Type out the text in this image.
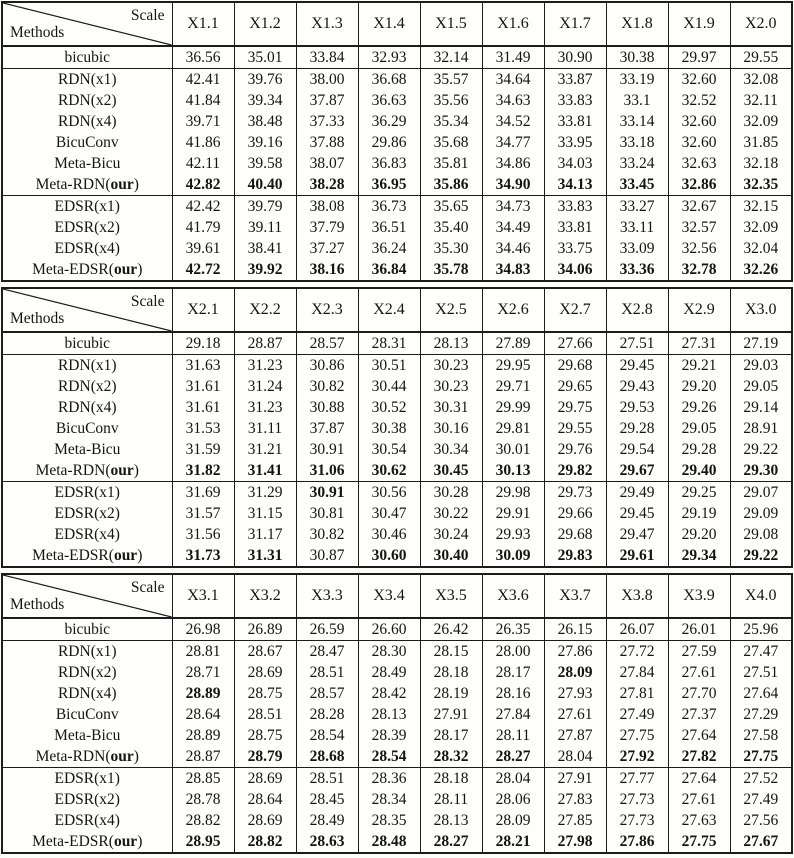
Scale
Methods	X1.1	X1.2	X1.3	X1.4	X1.5	X1.6	X1.7	X1.8	X1.9	X2.0
bicubic	36.56	35.01	33.84	32.93	32.14	31.49	30.90	30.38	29.97	29.55
RDN(x1)	42.41	39.76	38.00	36.68	35.57	34.64	33.87	33.19	32.60	32.08
RDN(x2)	41.84	39.34	37.87	36.63	35.56	34.63	33.83	33.1	32.52	32.11
RDN(x4)	39.71	38.48	37.33	36.29	35.34	34.52	33.81	33.14	32.60	32.09
BicuConv	41.86	39.16	37.88	29.86	35.68	34.77	33.95	33.18	32.60	31.85
Meta-Bicu	42.11	39.58	38.07	36.83	35.81	34.86	34.03	33.24	32.63	32.18
Meta-RDN(our)	42.82	40.40	38.28	36.95	35.86	34.90	34.13	33.45	32.86	32.35
EDSR(x1)	42.42	39.79	38.08	36.73	35.65	34.73	33.83	33.27	32.67	32.15
EDSR(x2)	41.79	39.11	37.79	36.51	35.40	34.49	33.81	33.11	32.57	32.09
EDSR(x4)	39.61	38.41	37.27	36.24	35.30	34.46	33.75	33.09	32.56	32.04
Meta-EDSR(our)	42.72	39.92	38.16	36.84	35.78	34.83	34.06	33.36	32.78	32.26
Scale
Methods	X2.1	X2.2	X2.3	X2.4	X2.5	X2.6	X2.7	X2.8	X2.9	X3.0
bicubic	29.18	28.87	28.57	28.31	28.13	27.89	27.66	27.51	27.31	27.19
RDN(x1)	31.63	31.23	30.86	30.51	30.23	29.95	29.68	29.45	29.21	29.03
RDN(x2)	31.61	31.24	30.82	30.44	30.23	29.71	29.65	29.43	29.20	29.05
RDN(x4)	31.61	31.23	30.88	30.52	30.31	29.99	29.75	29.53	29.26	29.14
BicuConv	31.53	31.11	37.87	30.38	30.16	29.81	29.55	29.28	29.05	28.91
Meta-Bicu	31.59	31.21	30.91	30.54	30.34	30.01	29.76	29.54	29.28	29.22
Meta-RDN(our)	31.82	31.41	31.06	30.62	30.45	30.13	29.82	29.67	29.40	29.30
EDSR(x1)	31.69	31.29	30.91	30.56	30.28	29.98	29.73	29.49	29.25	29.07
EDSR(x2)	31.57	31.15	30.81	30.47	30.22	29.91	29.66	29.45	29.19	29.09
EDSR(x4)	31.56	31.17	30.82	30.46	30.24	29.93	29.68	29.47	29.20	29.08
Meta-EDSR(our)	31.73	31.31	30.87	30.60	30.40	30.09	29.83	29.61	29.34	29.22
Scale
Methods	X3.1	X3.2	X3.3	X3.4	X3.5	X3.6	X3.7	X3.8	X3.9	X4.0
bicubic	26.98	26.89	26.59	26.60	26.42	26.35	26.15	26.07	26.01	25.96
RDN(x1)	28.81	28.67	28.47	28.30	28.15	28.00	27.86	27.72	27.59	27.47
RDN(x2)	28.71	28.69	28.51	28.49	28.18	28.17	28.09	27.84	27.61	27.51
RDN(x4)	28.89	28.75	28.57	28.42	28.19	28.16	27.93	27.81	27.70	27.64
BicuConv	28.64	28.51	28.28	28.13	27.91	27.84	27.61	27.49	27.37	27.29
Meta-Bicu	28.89	28.75	28.54	28.39	28.17	28.11	27.87	27.75	27.64	27.58
Meta-RDN(our)	28.87	28.79	28.68	28.54	28.32	28.27	28.04	27.92	27.82	27.75
EDSR(x1)	28.85	28.69	28.51	28.36	28.18	28.04	27.91	27.77	27.64	27.52
EDSR(x2)	28.78	28.64	28.45	28.34	28.11	28.06	27.83	27.73	27.61	27.49
EDSR(x4)	28.82	28.69	28.49	28.35	28.13	28.09	27.85	27.73	27.63	27.56
Meta-EDSR(our)	28.95	28.82	28.63	28.48	28.27	28.21	27.98	27.86	27.75	27.67
